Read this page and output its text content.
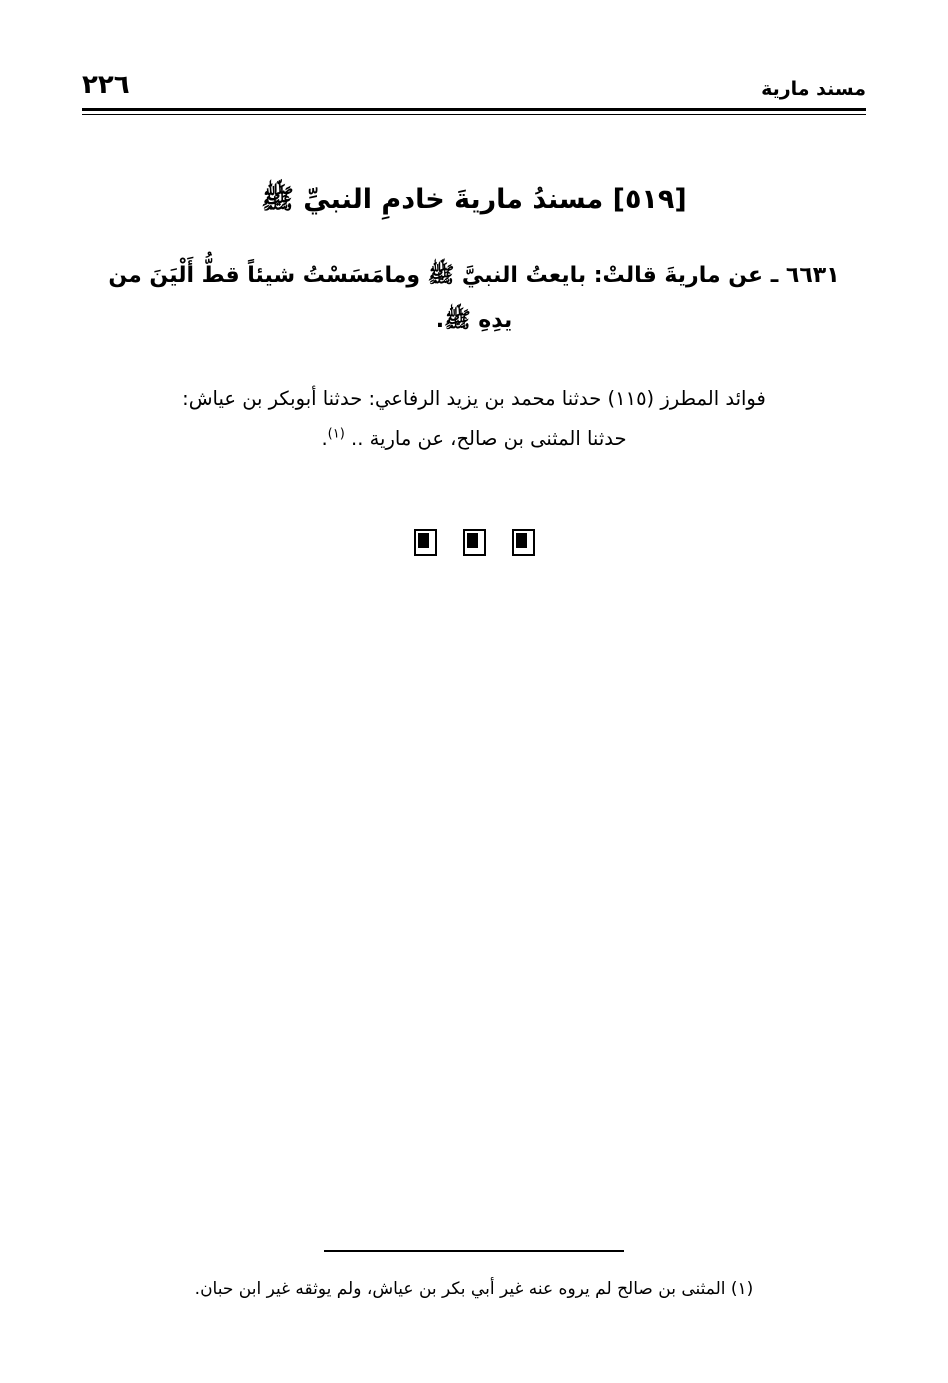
مسند مارية
٢٢٦
[٥١٩] مسندُ ماريةَ خادمِ النبيِّ ﷺ
٦٦٣١ ـ عن ماريةَ قالتْ: بايعتُ النبيَّ ﷺ ومامَسَسْتُ شيئاً قطُّ أَلْيَنَ من
يدِهِ ﷺ.
فوائد المطرز (١١٥) حدثنا محمد بن يزيد الرفاعي: حدثنا أبوبكر بن عياش:
حدثنا المثنى بن صالح، عن مارية .. $^{(١)}$.
(١) المثنى بن صالح لم يروه عنه غير أبي بكر بن عياش، ولم يوثقه غير ابن حبان.
